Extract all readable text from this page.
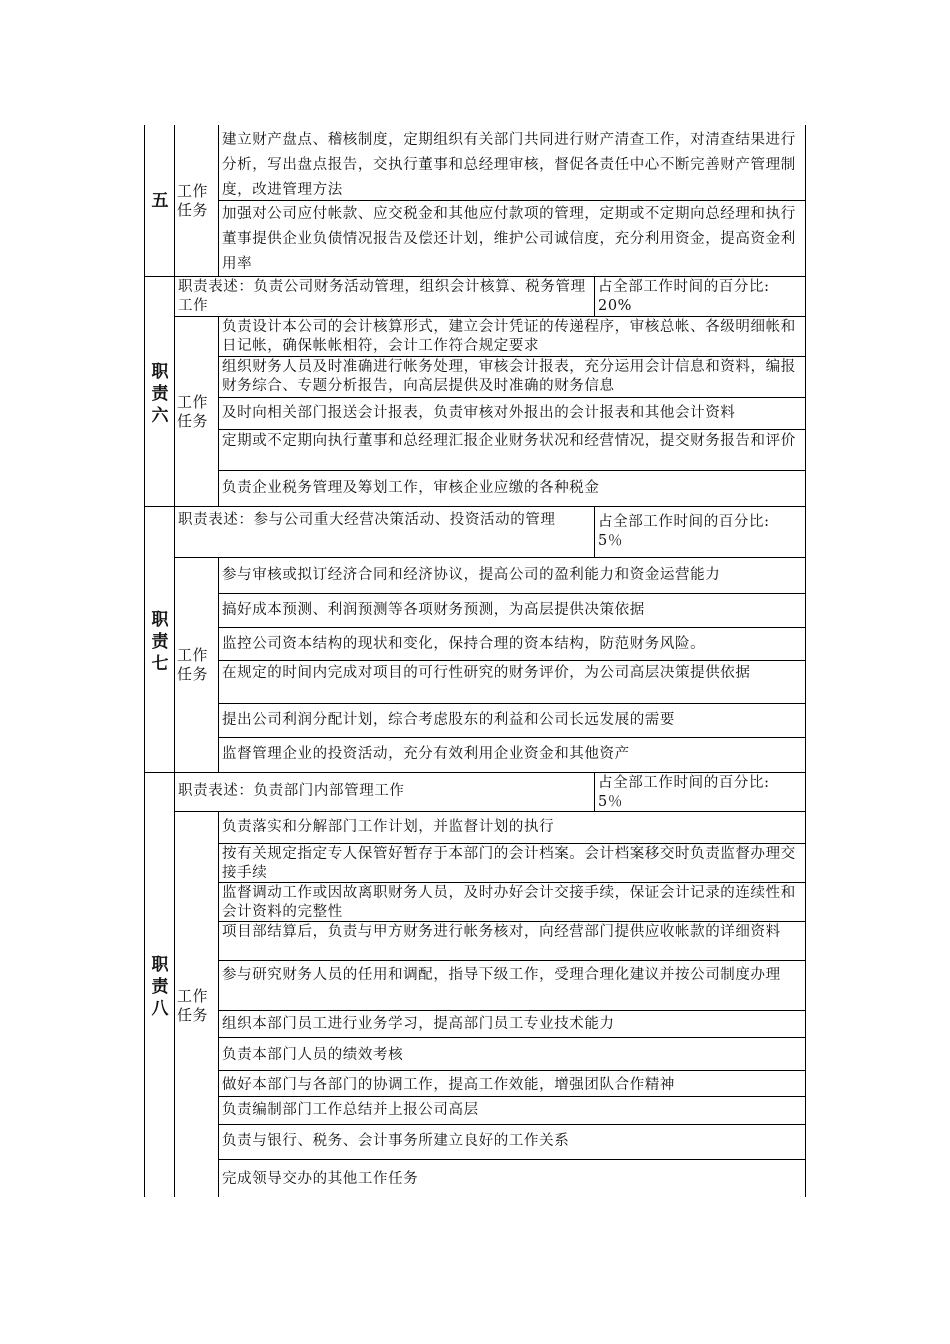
五
职责六
职责七
职责八
工作任务
工作任务
工作任务
工作任务
建立财产盘点、稽核制度，定期组织有关部门共同进行财产清查工作，对清查结果进行分析，写出盘点报告，交执行董事和总经理审核，督促各责任中心不断完善财产管理制度，改进管理方法
加强对公司应付帐款、应交税金和其他应付款项的管理，定期或不定期向总经理和执行董事提供企业负债情况报告及偿还计划，维护公司诚信度，充分利用资金，提高资金利用率
职责表述：负责公司财务活动管理，组织会计核算、税务管理工作
占全部工作时间的百分比:
20%
负责设计本公司的会计核算形式，建立会计凭证的传递程序，审核总帐、各级明细帐和日记帐，确保帐帐相符，会计工作符合规定要求
组织财务人员及时准确进行帐务处理，审核会计报表，充分运用会计信息和资料，编报财务综合、专题分析报告，向高层提供及时准确的财务信息
及时向相关部门报送会计报表，负责审核对外报出的会计报表和其他会计资料
定期或不定期向执行董事和总经理汇报企业财务状况和经营情况，提交财务报告和评价
负责企业税务管理及筹划工作，审核企业应缴的各种税金
职责表述：参与公司重大经营决策活动、投资活动的管理	占全部工作时间的百分比:
5％
参与审核或拟订经济合同和经济协议，提高公司的盈利能力和资金运营能力
搞好成本预测、利润预测等各项财务预测，为高层提供决策依据
监控公司资本结构的现状和变化，保持合理的资本结构，防范财务风险。
在规定的时间内完成对项目的可行性研究的财务评价，为公司高层决策提供依据
提出公司利润分配计划，综合考虑股东的利益和公司长远发展的需要
监督管理企业的投资活动，充分有效利用企业资金和其他资产
职责表述：负责部门内部管理工作	占全部工作时间的百分比:
5％
负责落实和分解部门工作计划，并监督计划的执行
按有关规定指定专人保管好暂存于本部门的会计档案。会计档案移交时负责监督办理交接手续
监督调动工作或因故离职财务人员，及时办好会计交接手续，保证会计记录的连续性和会计资料的完整性
项目部结算后，负责与甲方财务进行帐务核对，向经营部门提供应收帐款的详细资料
参与研究财务人员的任用和调配，指导下级工作，受理合理化建议并按公司制度办理
组织本部门员工进行业务学习，提高部门员工专业技术能力
负责本部门人员的绩效考核
做好本部门与各部门的协调工作，提高工作效能，增强团队合作精神
负责编制部门工作总结并上报公司高层
负责与银行、税务、会计事务所建立良好的工作关系
完成领导交办的其他工作任务
